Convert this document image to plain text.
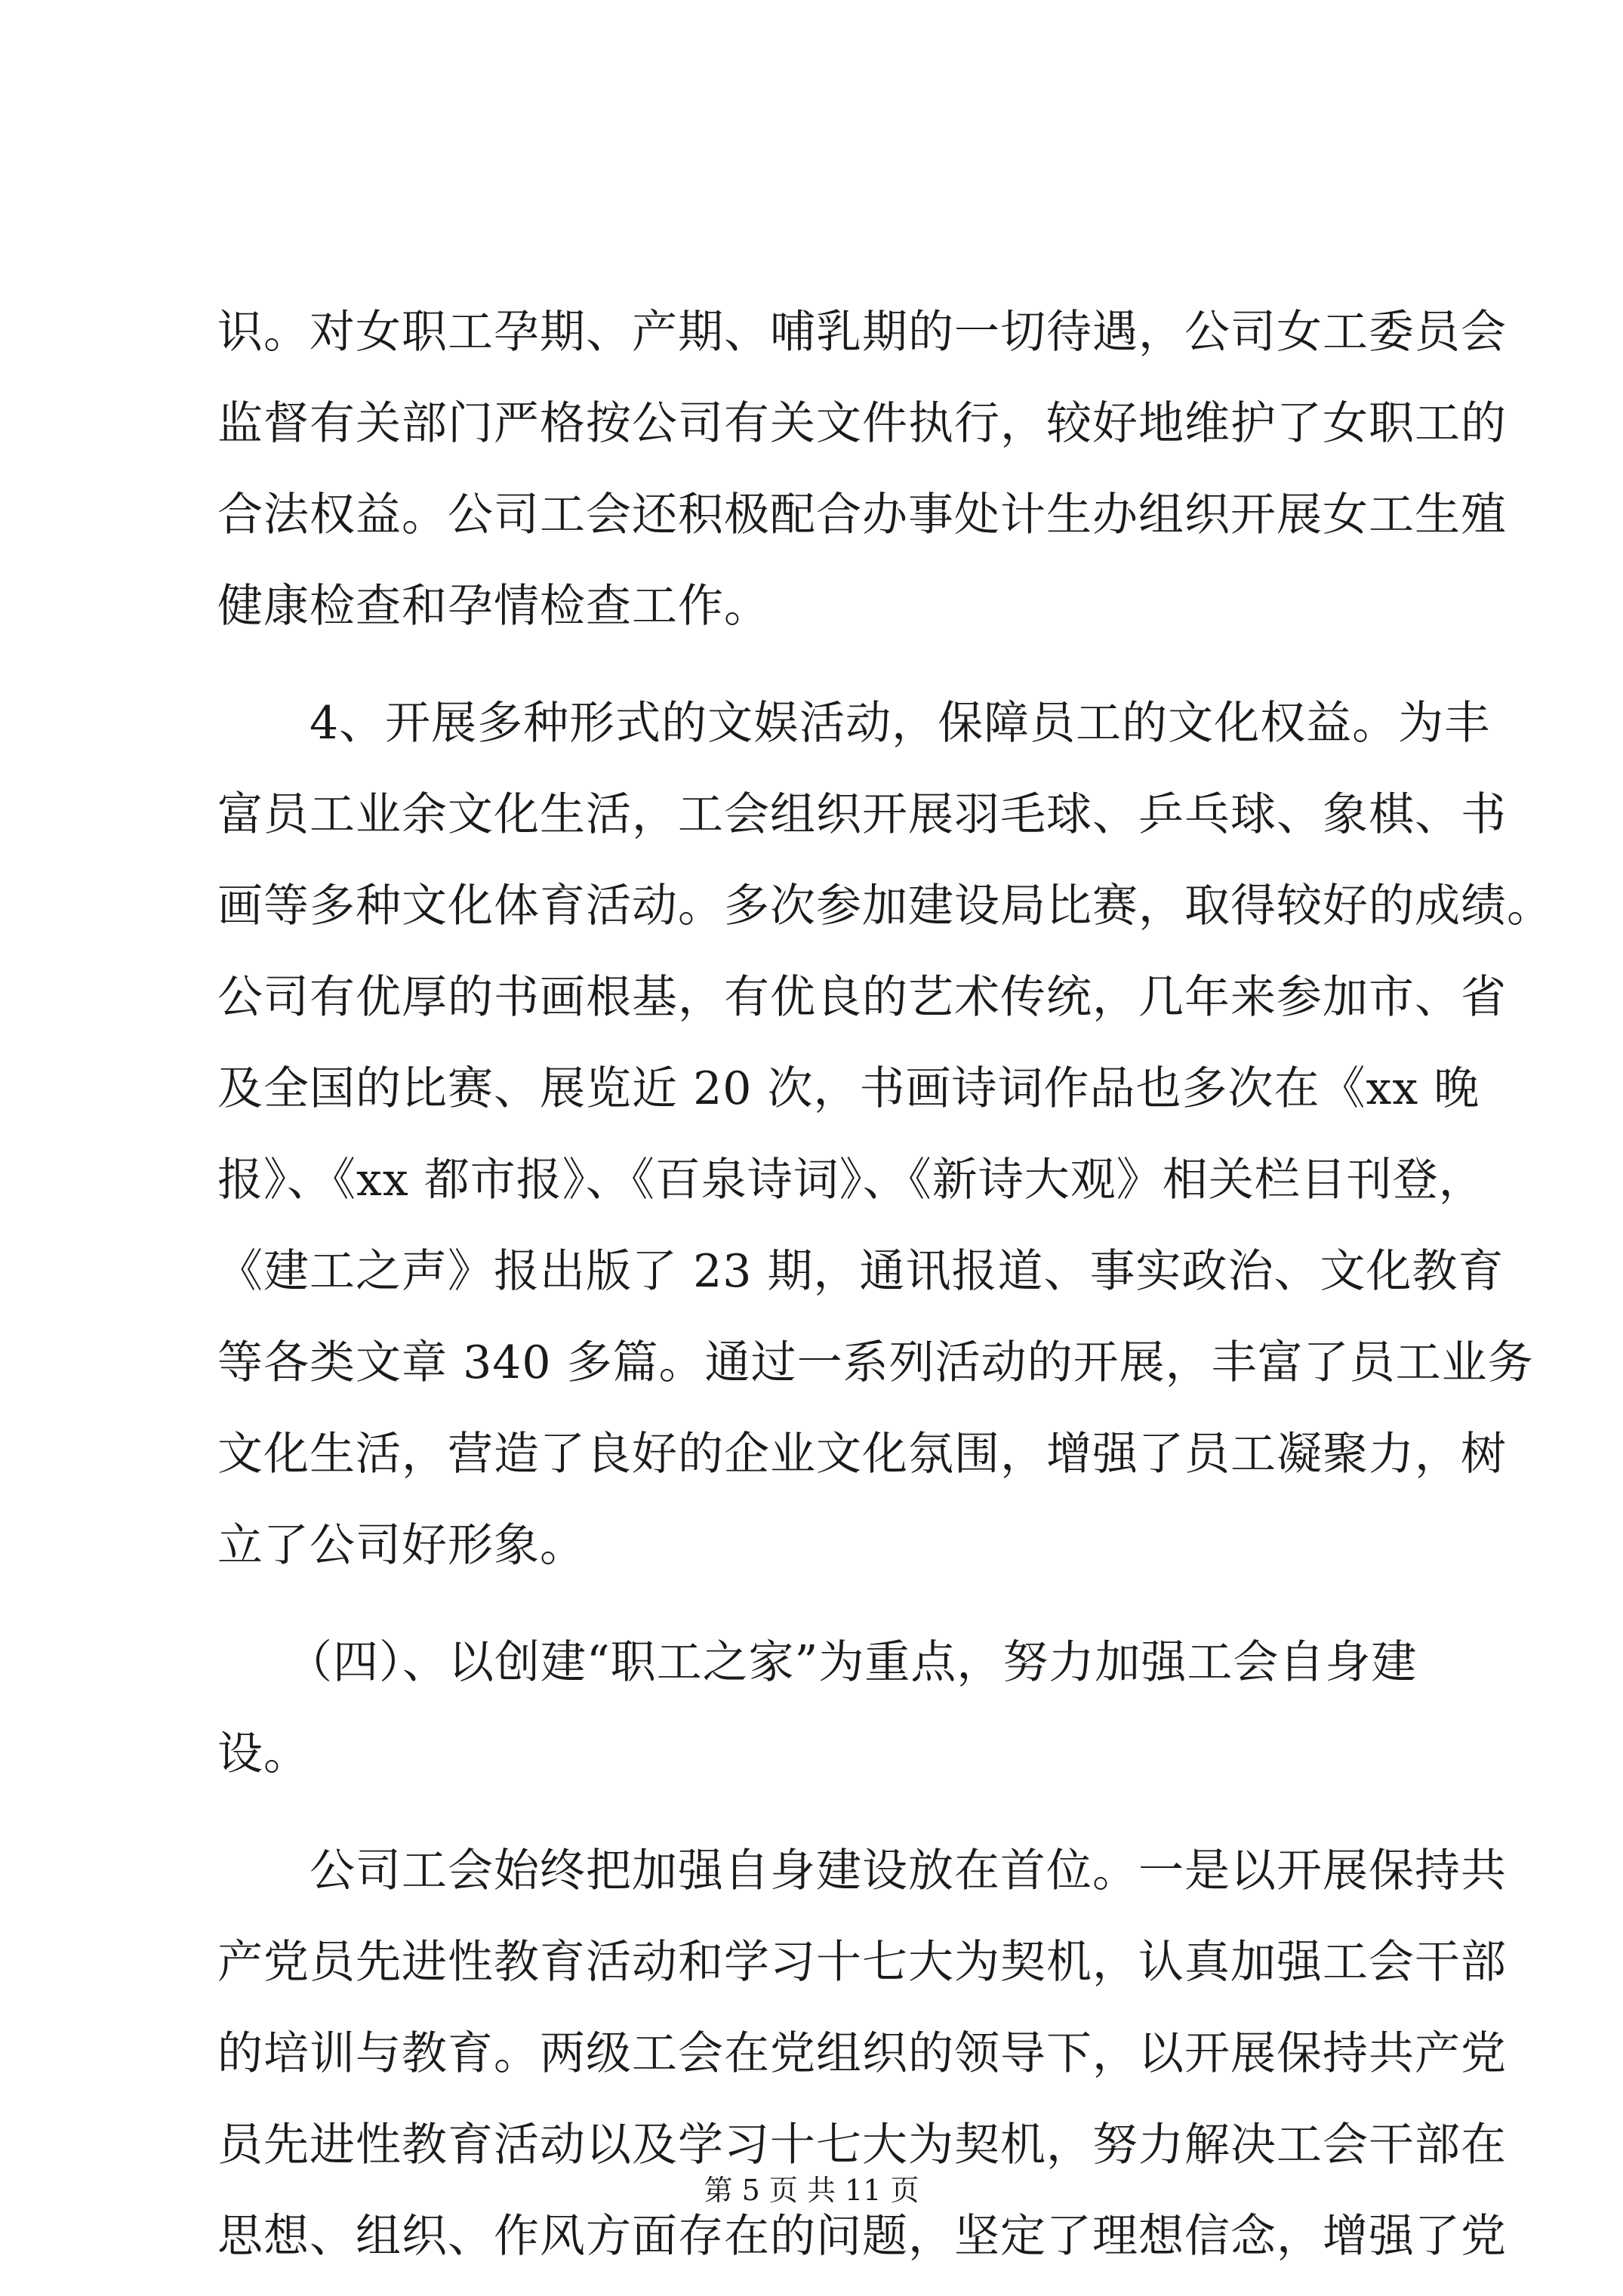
识。对女职工孕期、产期、哺乳期的一切待遇，公司女工委员会
监督有关部门严格按公司有关文件执行，较好地维护了女职工的
合法权益。公司工会还积极配合办事处计生办组织开展女工生殖
健康检查和孕情检查工作。
　　4、开展多种形式的文娱活动，保障员工的文化权益。为丰
富员工业余文化生活，工会组织开展羽毛球、乒乓球、象棋、书
画等多种文化体育活动。多次参加建设局比赛，取得较好的成绩。
公司有优厚的书画根基，有优良的艺术传统，几年来参加市、省
及全国的比赛、展览近 20 次，书画诗词作品也多次在《xx 晚
报》、《xx 都市报》、《百泉诗词》、《新诗大观》相关栏目刊登，
《建工之声》报出版了 23 期，通讯报道、事实政治、文化教育
等各类文章 340 多篇。通过一系列活动的开展，丰富了员工业务
文化生活，营造了良好的企业文化氛围，增强了员工凝聚力，树
立了公司好形象。
　　（四）、以创建“职工之家”为重点，努力加强工会自身建
设。
　　公司工会始终把加强自身建设放在首位。一是以开展保持共
产党员先进性教育活动和学习十七大为契机，认真加强工会干部
的培训与教育。两级工会在党组织的领导下，以开展保持共产党
员先进性教育活动以及学习十七大为契机，努力解决工会干部在
思想、组织、作风方面存在的问题，坚定了理想信念，增强了党
第 5 页 共 11 页
